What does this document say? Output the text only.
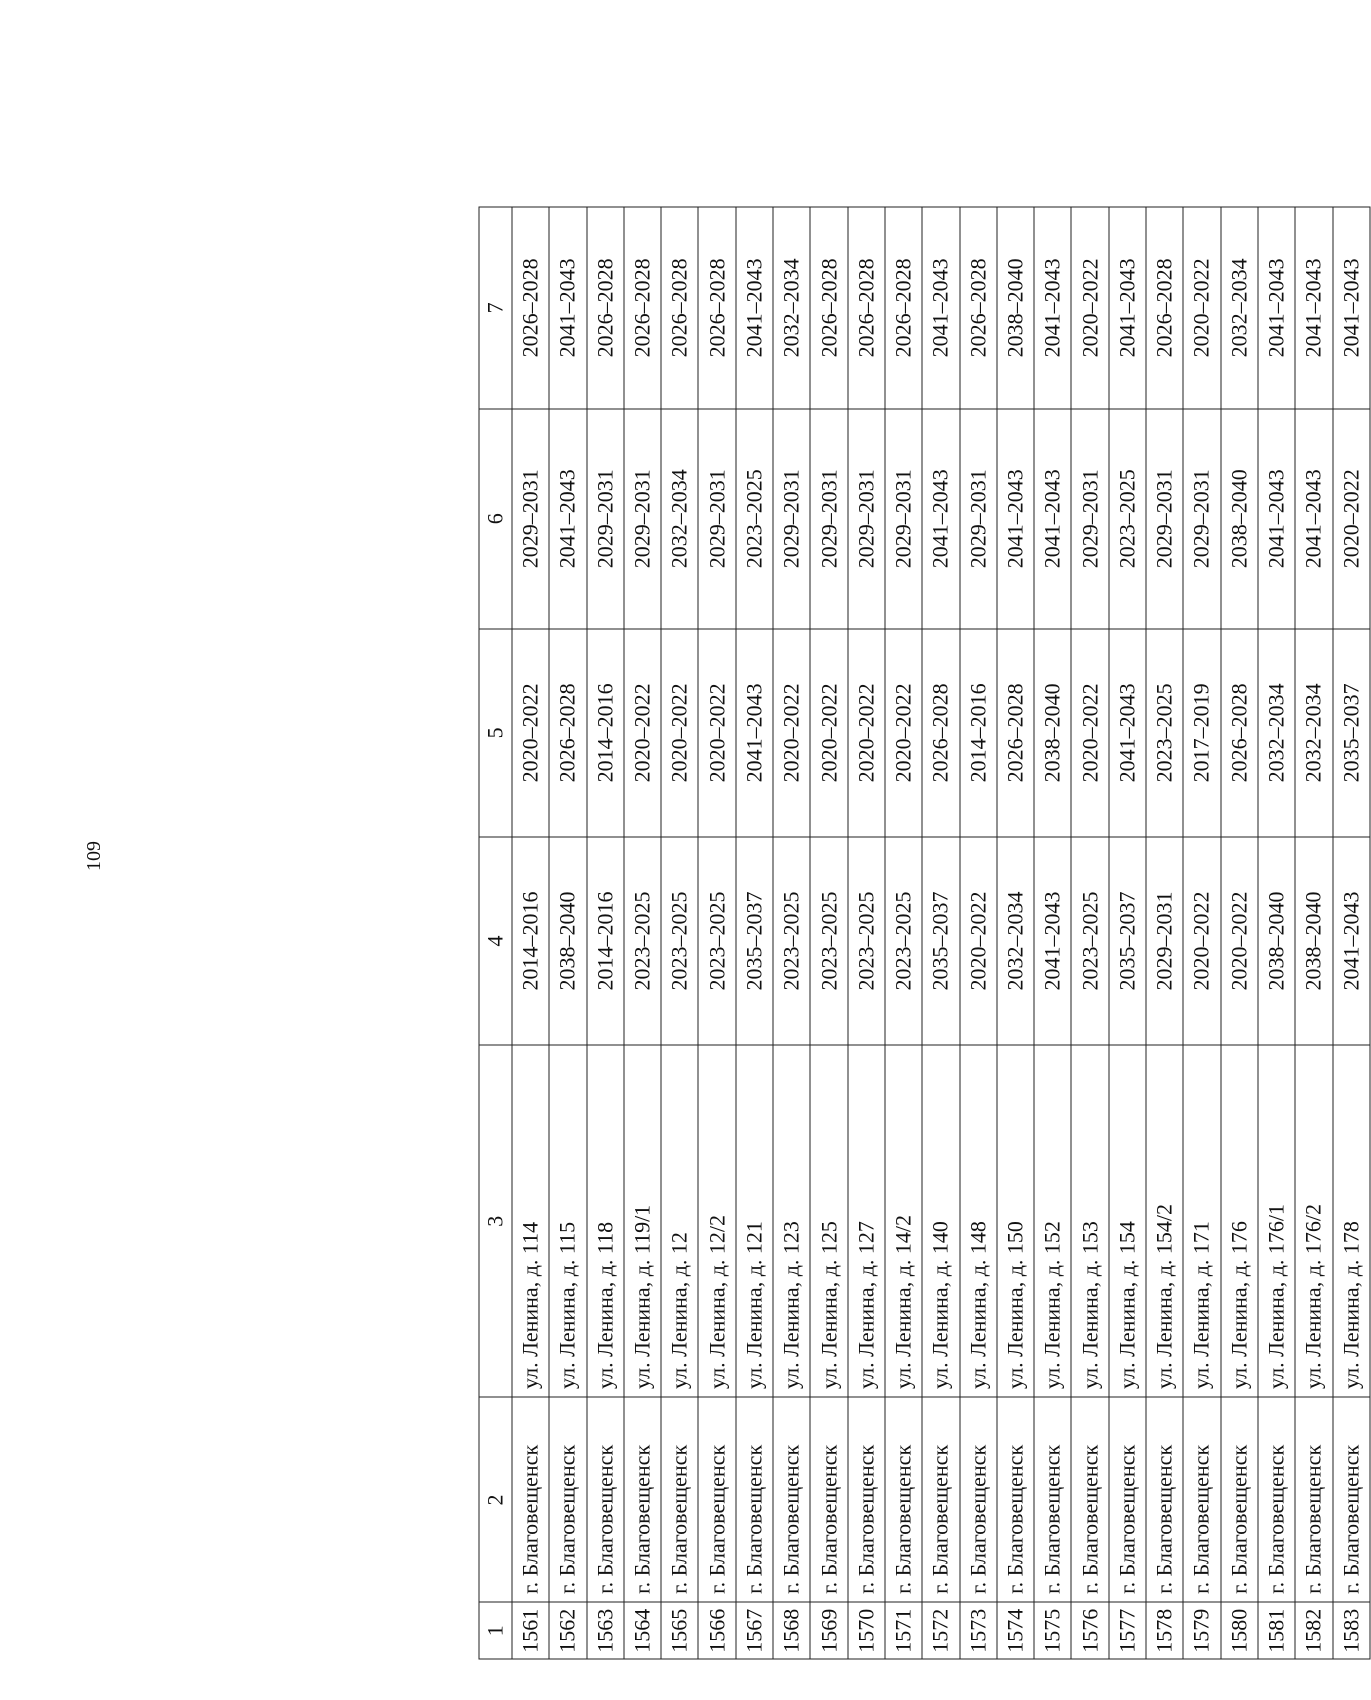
109
1	2	3	4	5	6	7
1561	г. Благовещенск	ул. Ленина, д. 114	2014–2016	2020–2022	2029–2031	2026–2028
1562	г. Благовещенск	ул. Ленина, д. 115	2038–2040	2026–2028	2041–2043	2041–2043
1563	г. Благовещенск	ул. Ленина, д. 118	2014–2016	2014–2016	2029–2031	2026–2028
1564	г. Благовещенск	ул. Ленина, д. 119/1	2023–2025	2020–2022	2029–2031	2026–2028
1565	г. Благовещенск	ул. Ленина, д. 12	2023–2025	2020–2022	2032–2034	2026–2028
1566	г. Благовещенск	ул. Ленина, д. 12/2	2023–2025	2020–2022	2029–2031	2026–2028
1567	г. Благовещенск	ул. Ленина, д. 121	2035–2037	2041–2043	2023–2025	2041–2043
1568	г. Благовещенск	ул. Ленина, д. 123	2023–2025	2020–2022	2029–2031	2032–2034
1569	г. Благовещенск	ул. Ленина, д. 125	2023–2025	2020–2022	2029–2031	2026–2028
1570	г. Благовещенск	ул. Ленина, д. 127	2023–2025	2020–2022	2029–2031	2026–2028
1571	г. Благовещенск	ул. Ленина, д. 14/2	2023–2025	2020–2022	2029–2031	2026–2028
1572	г. Благовещенск	ул. Ленина, д. 140	2035–2037	2026–2028	2041–2043	2041–2043
1573	г. Благовещенск	ул. Ленина, д. 148	2020–2022	2014–2016	2029–2031	2026–2028
1574	г. Благовещенск	ул. Ленина, д. 150	2032–2034	2026–2028	2041–2043	2038–2040
1575	г. Благовещенск	ул. Ленина, д. 152	2041–2043	2038–2040	2041–2043	2041–2043
1576	г. Благовещенск	ул. Ленина, д. 153	2023–2025	2020–2022	2029–2031	2020–2022
1577	г. Благовещенск	ул. Ленина, д. 154	2035–2037	2041–2043	2023–2025	2041–2043
1578	г. Благовещенск	ул. Ленина, д. 154/2	2029–2031	2023–2025	2029–2031	2026–2028
1579	г. Благовещенск	ул. Ленина, д. 171	2020–2022	2017–2019	2029–2031	2020–2022
1580	г. Благовещенск	ул. Ленина, д. 176	2020–2022	2026–2028	2038–2040	2032–2034
1581	г. Благовещенск	ул. Ленина, д. 176/1	2038–2040	2032–2034	2041–2043	2041–2043
1582	г. Благовещенск	ул. Ленина, д. 176/2	2038–2040	2032–2034	2041–2043	2041–2043
1583	г. Благовещенск	ул. Ленина, д. 178	2041–2043	2035–2037	2020–2022	2041–2043
